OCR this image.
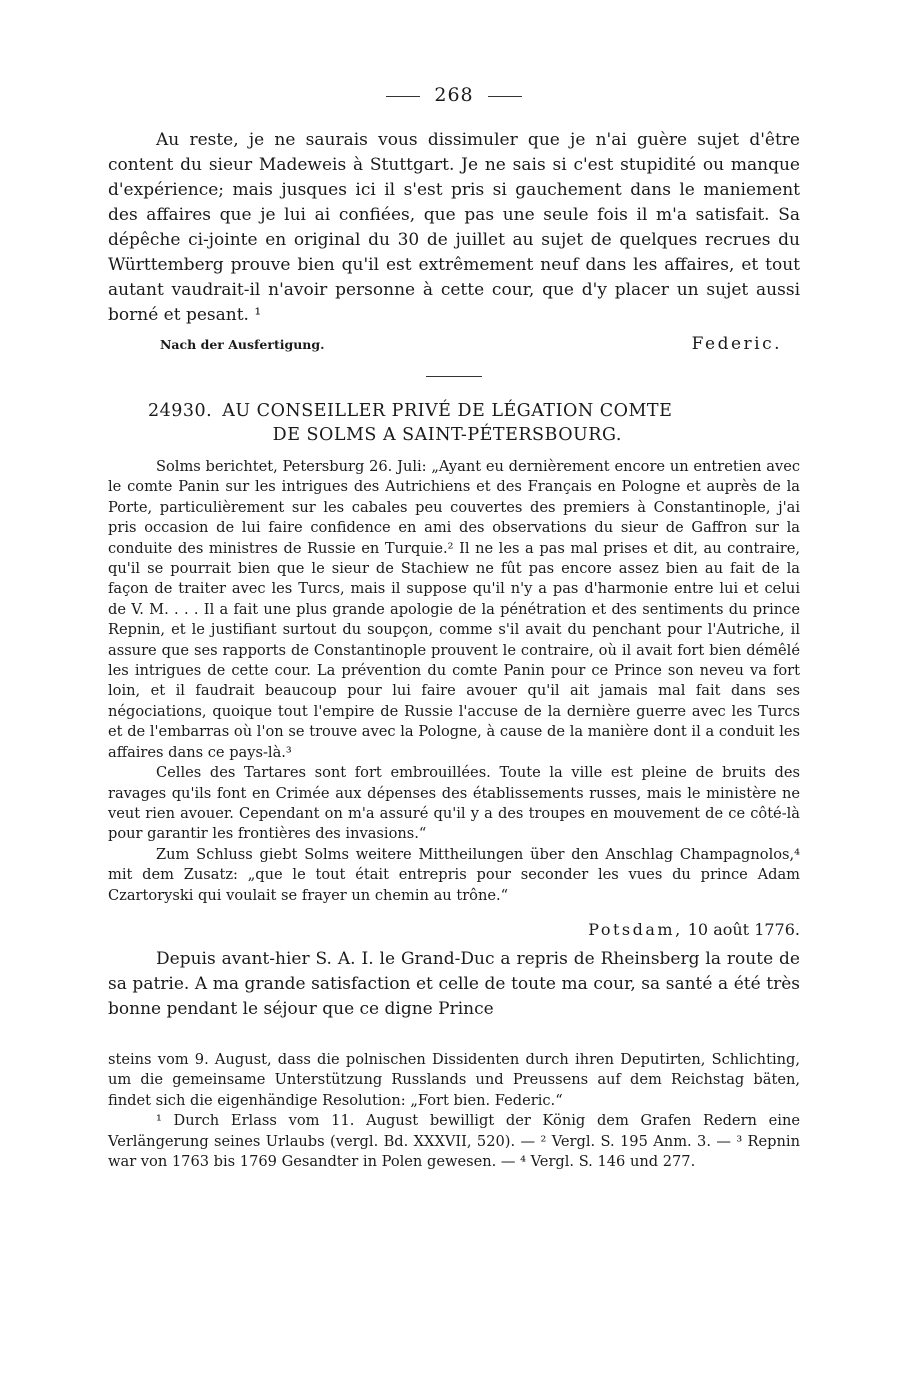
268

Au reste, je ne saurais vous dissimuler que je n'ai guère sujet d'être content du sieur Madeweis à Stuttgart. Je ne sais si c'est stupidité ou manque d'expérience; mais jusques ici il s'est pris si gauchement dans le maniement des affaires que je lui ai confiées, que pas une seule fois il m'a satisfait. Sa dépêche ci-jointe en original du 30 de juillet au sujet de quelques recrues du Württemberg prouve bien qu'il est extrêmement neuf dans les affaires, et tout autant vaudrait-il n'avoir personne à cette cour, que d'y placer un sujet aussi borné et pesant. ¹

Nach der Ausfertigung.	Federic.
24930. AU CONSEILLER PRIVÉ DE LÉGATION COMTE
DE SOLMS A SAINT-PÉTERSBOURG.

Solms berichtet, Petersburg 26. Juli: „Ayant eu dernièrement encore un entretien avec le comte Panin sur les intrigues des Autrichiens et des Français en Pologne et auprès de la Porte, particulièrement sur les cabales peu couvertes des premiers à Constantinople, j'ai pris occasion de lui faire confidence en ami des observations du sieur de Gaffron sur la conduite des ministres de Russie en Turquie.² Il ne les a pas mal prises et dit, au contraire, qu'il se pourrait bien que le sieur de Stachiew ne fût pas encore assez bien au fait de la façon de traiter avec les Turcs, mais il suppose qu'il n'y a pas d'harmonie entre lui et celui de V. M. . . . Il a fait une plus grande apologie de la pénétration et des sentiments du prince Repnin, et le justifiant surtout du soupçon, comme s'il avait du penchant pour l'Autriche, il assure que ses rapports de Constantinople prouvent le contraire, où il avait fort bien démêlé les intrigues de cette cour. La prévention du comte Panin pour ce Prince son neveu va fort loin, et il faudrait beaucoup pour lui faire avouer qu'il ait jamais mal fait dans ses négociations, quoique tout l'empire de Russie l'accuse de la dernière guerre avec les Turcs et de l'embarras où l'on se trouve avec la Pologne, à cause de la manière dont il a conduit les affaires dans ce pays-là.³

Celles des Tartares sont fort embrouillées. Toute la ville est pleine de bruits des ravages qu'ils font en Crimée aux dépenses des établissements russes, mais le ministère ne veut rien avouer. Cependant on m'a assuré qu'il y a des troupes en mouvement de ce côté-là pour garantir les frontières des invasions.“

Zum Schluss giebt Solms weitere Mittheilungen über den Anschlag Champagnolos,⁴ mit dem Zusatz: „que le tout était entrepris pour seconder les vues du prince Adam Czartoryski qui voulait se frayer un chemin au trône.“

Potsdam, 10 août 1776.

Depuis avant-hier S. A. I. le Grand-Duc a repris de Rheinsberg la route de sa patrie. A ma grande satisfaction et celle de toute ma cour, sa santé a été très bonne pendant le séjour que ce digne Prince

steins vom 9. August, dass die polnischen Dissidenten durch ihren Deputirten, Schlichting, um die gemeinsame Unterstützung Russlands und Preussens auf dem Reichstag bäten, findet sich die eigenhändige Resolution: „Fort bien. Federic.“

¹ Durch Erlass vom 11. August bewilligt der König dem Grafen Redern eine Verlängerung seines Urlaubs (vergl. Bd. XXXVII, 520). — ² Vergl. S. 195 Anm. 3. — ³ Repnin war von 1763 bis 1769 Gesandter in Polen gewesen. — ⁴ Vergl. S. 146 und 277.
